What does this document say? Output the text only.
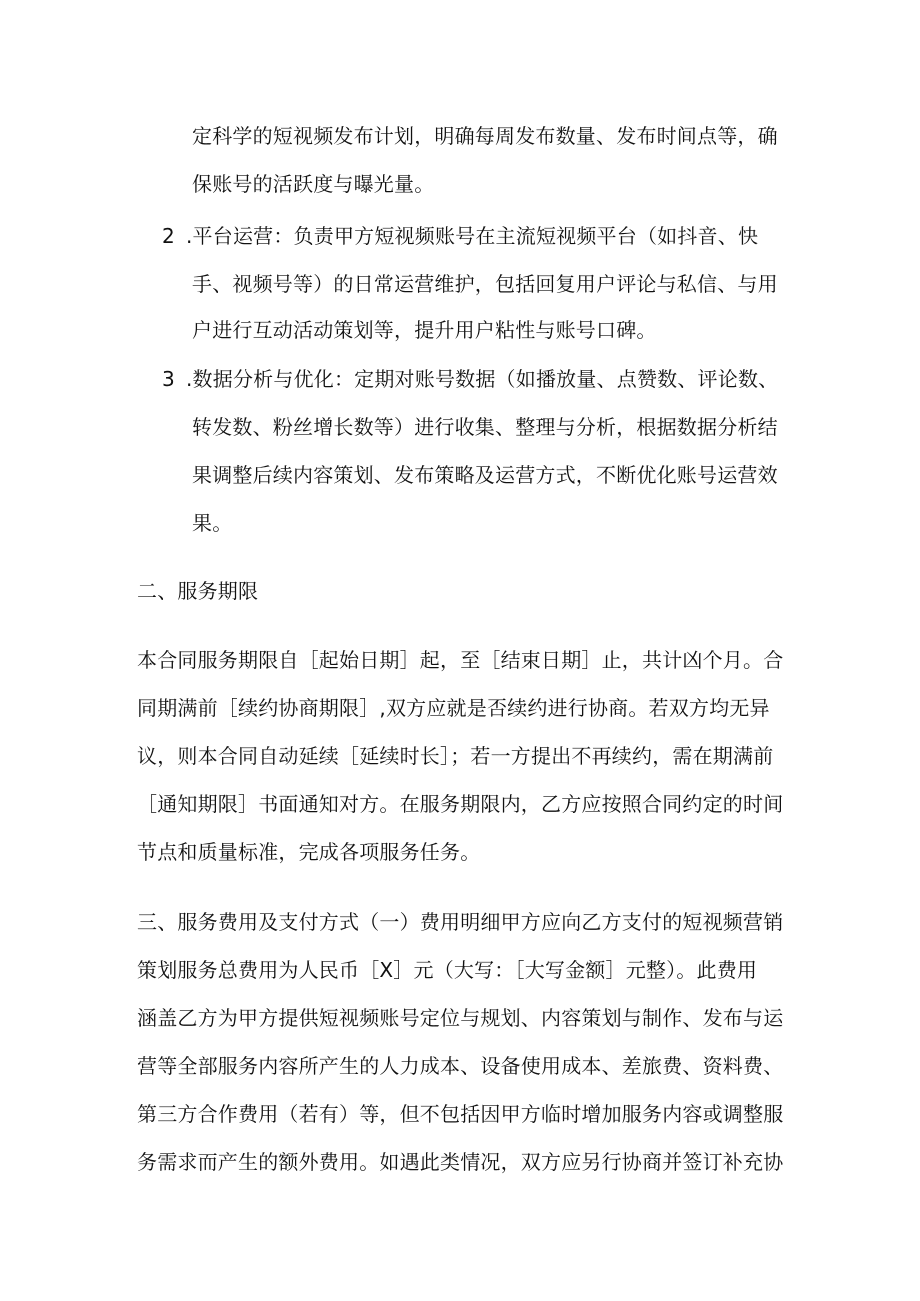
定科学的短视频发布计划，明确每周发布数量、发布时间点等，确
保账号的活跃度与曝光量。
2 .平台运营：负责甲方短视频账号在主流短视频平台（如抖音、快
手、视频号等）的日常运营维护，包括回复用户评论与私信、与用
户进行互动活动策划等，提升用户粘性与账号口碑。
3 .数据分析与优化：定期对账号数据（如播放量、点赞数、评论数、
转发数、粉丝增长数等）进行收集、整理与分析，根据数据分析结
果调整后续内容策划、发布策略及运营方式，不断优化账号运营效
果。
二、服务期限
本合同服务期限自［起始日期］起，至［结束日期］止，共计凶个月。合
同期满前［续约协商期限］,双方应就是否续约进行协商。若双方均无异
议，则本合同自动延续［延续时长］；若一方提出不再续约，需在期满前
［通知期限］书面通知对方。在服务期限内，乙方应按照合同约定的时间
节点和质量标准，完成各项服务任务。
三、服务费用及支付方式（一）费用明细甲方应向乙方支付的短视频营销
策划服务总费用为人民币［X］元（大写：［大写金额］元整）。此费用
涵盖乙方为甲方提供短视频账号定位与规划、内容策划与制作、发布与运
营等全部服务内容所产生的人力成本、设备使用成本、差旅费、资料费、
第三方合作费用（若有）等，但不包括因甲方临时增加服务内容或调整服
务需求而产生的额外费用。如遇此类情况，双方应另行协商并签订补充协
